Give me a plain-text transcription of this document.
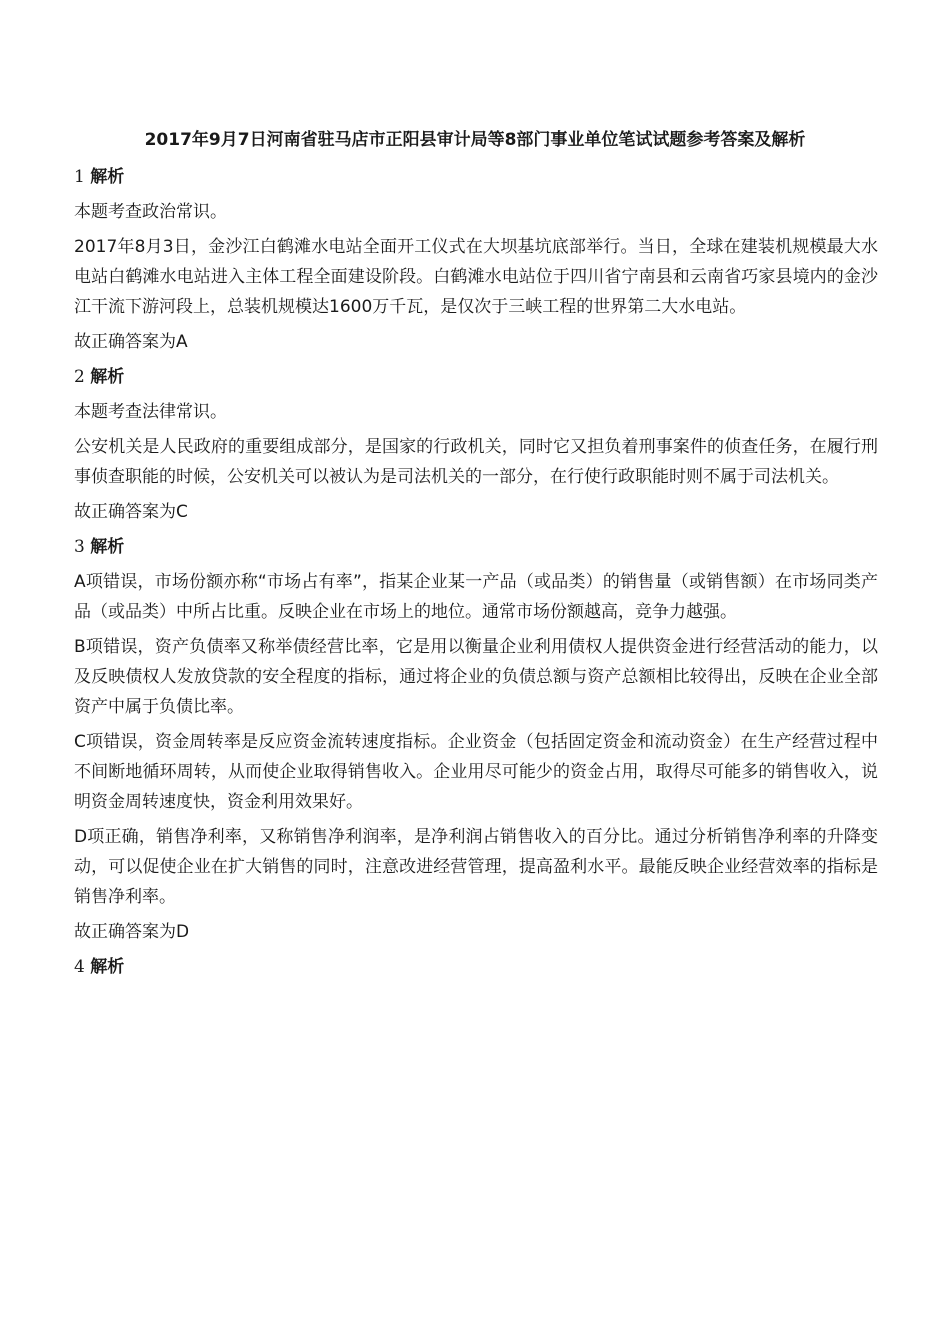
2017年9月7日河南省驻马店市正阳县审计局等8部门事业单位笔试试题参考答案及解析

1 解析

本题考查政治常识。

2017年8月3日，金沙江白鹤滩水电站全面开工仪式在大坝基坑底部举行。当日，全球在建装机规模最大水电站白鹤滩水电站进入主体工程全面建设阶段。白鹤滩水电站位于四川省宁南县和云南省巧家县境内的金沙江干流下游河段上，总装机规模达1600万千瓦，是仅次于三峡工程的世界第二大水电站。

故正确答案为A

2 解析

本题考查法律常识。

公安机关是人民政府的重要组成部分，是国家的行政机关，同时它又担负着刑事案件的侦查任务，在履行刑事侦查职能的时候，公安机关可以被认为是司法机关的一部分，在行使行政职能时则不属于司法机关。

故正确答案为C

3 解析

A项错误，市场份额亦称“市场占有率”，指某企业某一产品（或品类）的销售量（或销售额）在市场同类产品（或品类）中所占比重。反映企业在市场上的地位。通常市场份额越高，竞争力越强。

B项错误，资产负债率又称举债经营比率，它是用以衡量企业利用债权人提供资金进行经营活动的能力，以及反映债权人发放贷款的安全程度的指标，通过将企业的负债总额与资产总额相比较得出，反映在企业全部资产中属于负债比率。

C项错误，资金周转率是反应资金流转速度指标。企业资金（包括固定资金和流动资金）在生产经营过程中不间断地循环周转，从而使企业取得销售收入。企业用尽可能少的资金占用，取得尽可能多的销售收入，说明资金周转速度快，资金利用效果好。

D项正确，销售净利率，又称销售净利润率，是净利润占销售收入的百分比。通过分析销售净利率的升降变动，可以促使企业在扩大销售的同时，注意改进经营管理，提高盈利水平。最能反映企业经营效率的指标是销售净利率。

故正确答案为D

4 解析
